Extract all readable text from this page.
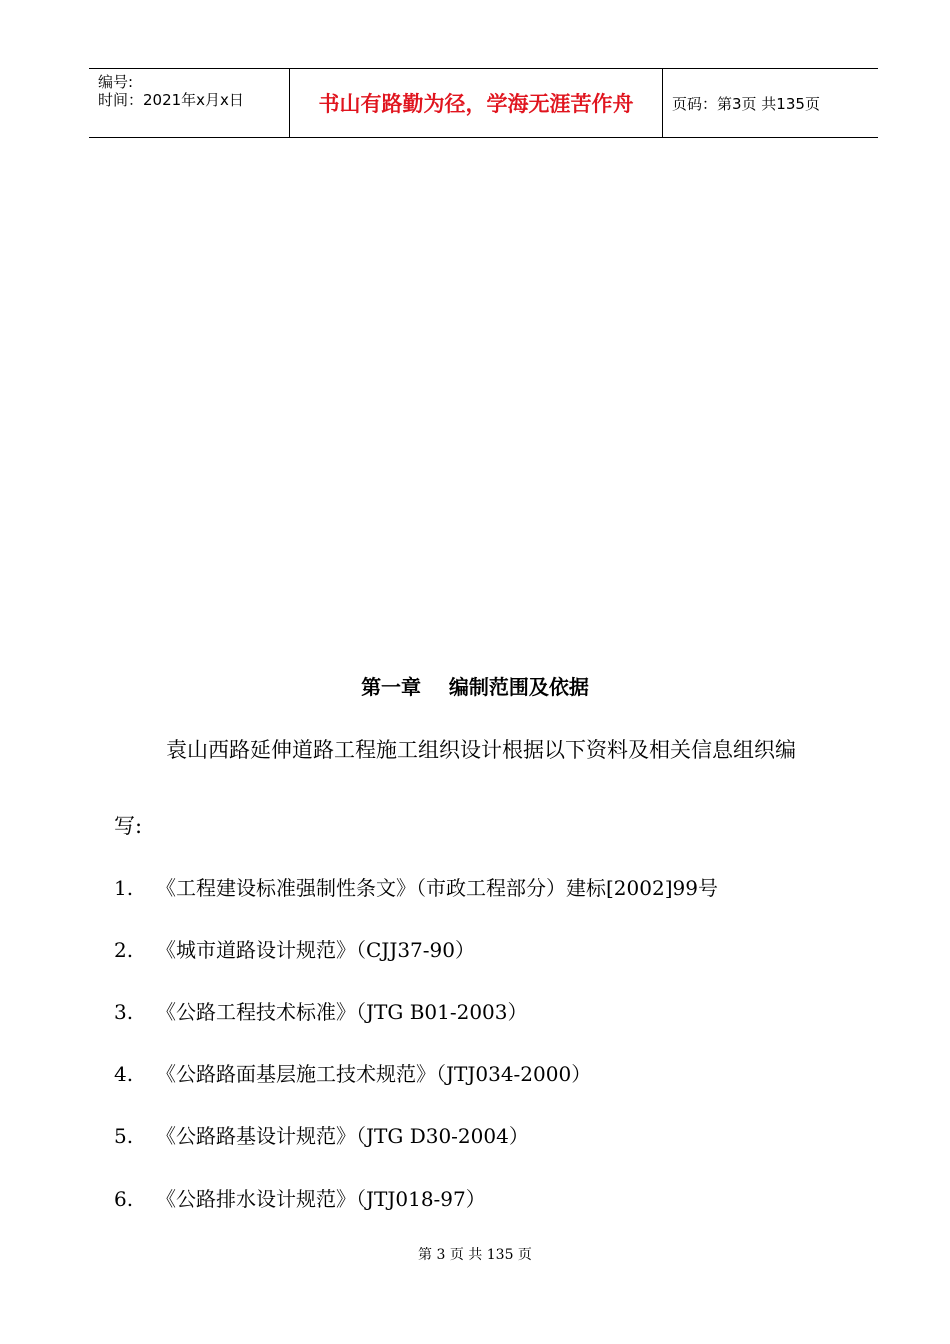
编号:
时间：2021年x月x日	书山有路勤为径，学海无涯苦作舟	页码：第3页 共135页
第一章    编制范围及依据
袁山西路延伸道路工程施工组织设计根据以下资料及相关信息组织编
写:
1. 《工程建设标准强制性条文》（市政工程部分）建标[2002]99号
2. 《城市道路设计规范》（CJJ37-90）
3. 《公路工程技术标准》（JTG B01-2003）
4. 《公路路面基层施工技术规范》（JTJ034-2000）
5. 《公路路基设计规范》（JTG D30-2004）
6. 《公路排水设计规范》（JTJ018-97）
第 3 页 共 135 页
